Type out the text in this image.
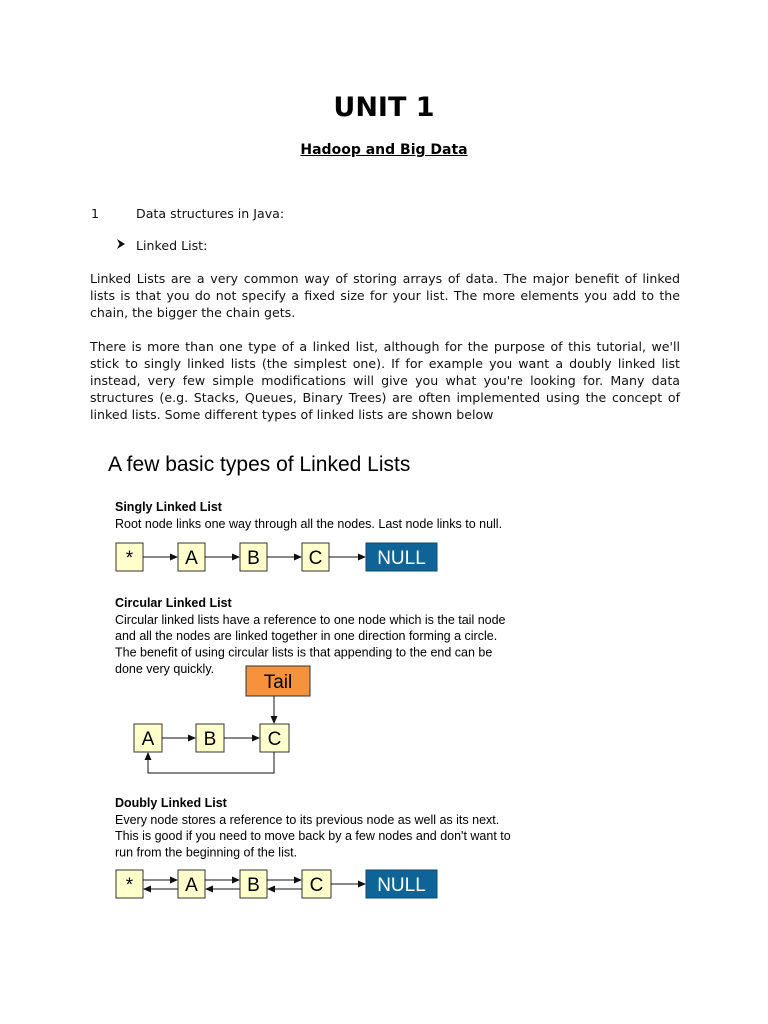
UNIT 1
Hadoop and Big Data
1	Data structures in Java:
Linked List:
Linked Lists are a very common way of storing arrays of data. The major benefit of linked
lists is that you do not specify a fixed size for your list. The more elements you add to the
chain, the bigger the chain gets.
There is more than one type of a linked list, although for the purpose of this tutorial, we'll
stick to singly linked lists (the simplest one). If for example you want a doubly linked list
instead, very few simple modifications will give you what you're looking for. Many data
structures (e.g. Stacks, Queues, Binary Trees) are often implemented using the concept of
linked lists. Some different types of linked lists are shown below
A few basic types of Linked Lists
Singly Linked List
Root node links one way through all the nodes. Last node links to null.
*	A	B	C	NULL
Circular Linked List
Circular linked lists have a reference to one node which is the tail node
and all the nodes are linked together in one direction forming a circle.
The benefit of using circular lists is that appending to the end can be
done very quickly.
Tail
A	B	C
Doubly Linked List
Every node stores a reference to its previous node as well as its next.
This is good if you need to move back by a few nodes and don't want to
run from the beginning of the list.
*	A	B	C	NULL
